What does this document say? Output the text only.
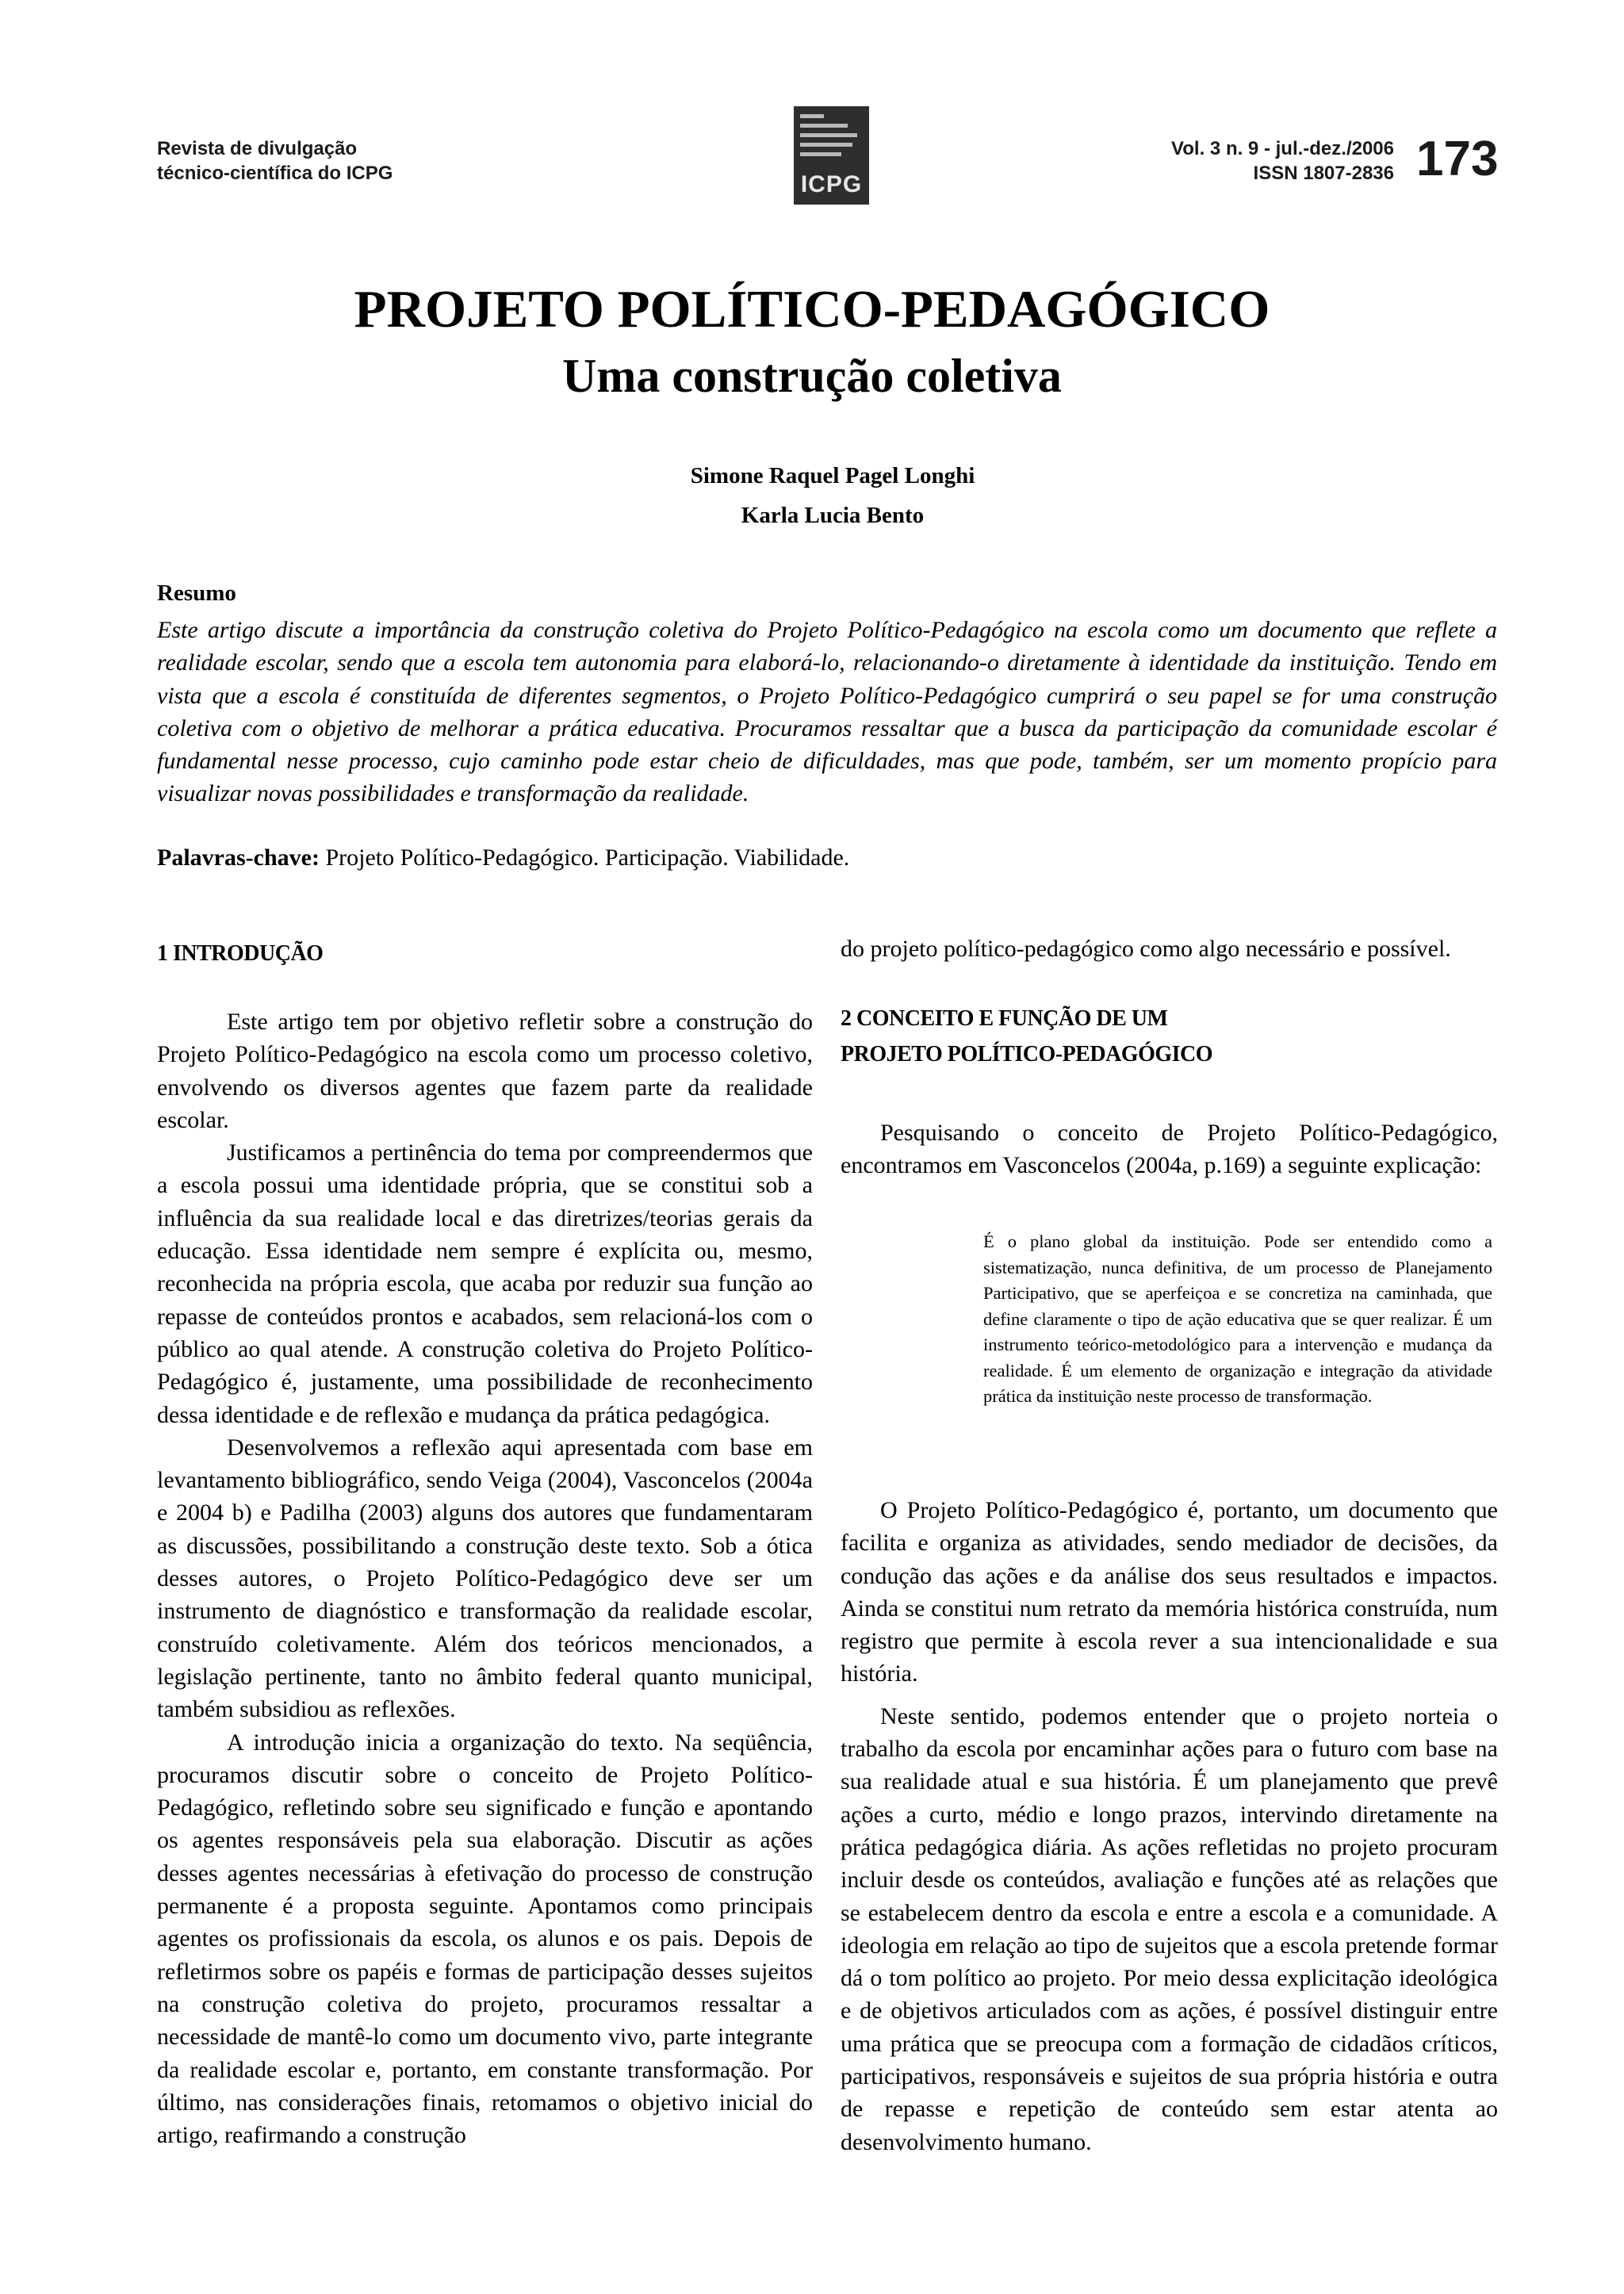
Revista de divulgação
técnico-científica do ICPG	ICPG
Vol. 3 n. 9 - jul.-dez./2006
ISSN 1807-2836 173
PROJETO POLÍTICO-PEDAGÓGICO
Uma construção coletiva
Simone Raquel Pagel Longhi
Karla Lucia Bento
Resumo

Este artigo discute a importância da construção coletiva do Projeto Político-Pedagógico na escola como um documento que reflete a realidade escolar, sendo que a escola tem autonomia para elaborá-lo, relacionando-o diretamente à identidade da instituição. Tendo em vista que a escola é constituída de diferentes segmentos, o Projeto Político-Pedagógico cumprirá o seu papel se for uma construção coletiva com o objetivo de melhorar a prática educativa. Procuramos ressaltar que a busca da participação da comunidade escolar é fundamental nesse processo, cujo caminho pode estar cheio de dificuldades, mas que pode, também, ser um momento propício para visualizar novas possibilidades e transformação da realidade.

Palavras-chave: Projeto Político-Pedagógico. Participação. Viabilidade.

1 INTRODUÇÃO

Este artigo tem por objetivo refletir sobre a construção do Projeto Político-Pedagógico na escola como um processo coletivo, envolvendo os diversos agentes que fazem parte da realidade escolar.

Justificamos a pertinência do tema por compreendermos que a escola possui uma identidade própria, que se constitui sob a influência da sua realidade local e das diretrizes/teorias gerais da educação. Essa identidade nem sempre é explícita ou, mesmo, reconhecida na própria escola, que acaba por reduzir sua função ao repasse de conteúdos prontos e acabados, sem relacioná-los com o público ao qual atende. A construção coletiva do Projeto Político-Pedagógico é, justamente, uma possibilidade de reconhecimento dessa identidade e de reflexão e mudança da prática pedagógica.

Desenvolvemos a reflexão aqui apresentada com base em levantamento bibliográfico, sendo Veiga (2004), Vasconcelos (2004a e 2004 b) e Padilha (2003) alguns dos autores que fundamentaram as discussões, possibilitando a construção deste texto. Sob a ótica desses autores, o Projeto Político-Pedagógico deve ser um instrumento de diagnóstico e transformação da realidade escolar, construído coletivamente. Além dos teóricos mencionados, a legislação pertinente, tanto no âmbito federal quanto municipal, também subsidiou as reflexões.

A introdução inicia a organização do texto. Na seqüência, procuramos discutir sobre o conceito de Projeto Político-Pedagógico, refletindo sobre seu significado e função e apontando os agentes responsáveis pela sua elaboração. Discutir as ações desses agentes necessárias à efetivação do processo de construção permanente é a proposta seguinte. Apontamos como principais agentes os profissionais da escola, os alunos e os pais. Depois de refletirmos sobre os papéis e formas de participação desses sujeitos na construção coletiva do projeto, procuramos ressaltar a necessidade de mantê-lo como um documento vivo, parte integrante da realidade escolar e, portanto, em constante transformação. Por último, nas considerações finais, retomamos o objetivo inicial do artigo, reafirmando a construção

do projeto político-pedagógico como algo necessário e possível.

2 CONCEITO E FUNÇÃO DE UM
PROJETO POLÍTICO-PEDAGÓGICO

Pesquisando o conceito de Projeto Político-Pedagógico, encontramos em Vasconcelos (2004a, p.169) a seguinte explicação:

É o plano global da instituição. Pode ser entendido como a sistematização, nunca definitiva, de um processo de Planejamento Participativo, que se aperfeiçoa e se concretiza na caminhada, que define claramente o tipo de ação educativa que se quer realizar. É um instrumento teórico-metodológico para a intervenção e mudança da realidade. É um elemento de organização e integração da atividade prática da instituição neste processo de transformação.

O Projeto Político-Pedagógico é, portanto, um documento que facilita e organiza as atividades, sendo mediador de decisões, da condução das ações e da análise dos seus resultados e impactos. Ainda se constitui num retrato da memória histórica construída, num registro que permite à escola rever a sua intencionalidade e sua história.

Neste sentido, podemos entender que o projeto norteia o trabalho da escola por encaminhar ações para o futuro com base na sua realidade atual e sua história. É um planejamento que prevê ações a curto, médio e longo prazos, intervindo diretamente na prática pedagógica diária. As ações refletidas no projeto procuram incluir desde os conteúdos, avaliação e funções até as relações que se estabelecem dentro da escola e entre a escola e a comunidade. A ideologia em relação ao tipo de sujeitos que a escola pretende formar dá o tom político ao projeto. Por meio dessa explicitação ideológica e de objetivos articulados com as ações, é possível distinguir entre uma prática que se preocupa com a formação de cidadãos críticos, participativos, responsáveis e sujeitos de sua própria história e outra de repasse e repetição de conteúdo sem estar atenta ao desenvolvimento humano.
